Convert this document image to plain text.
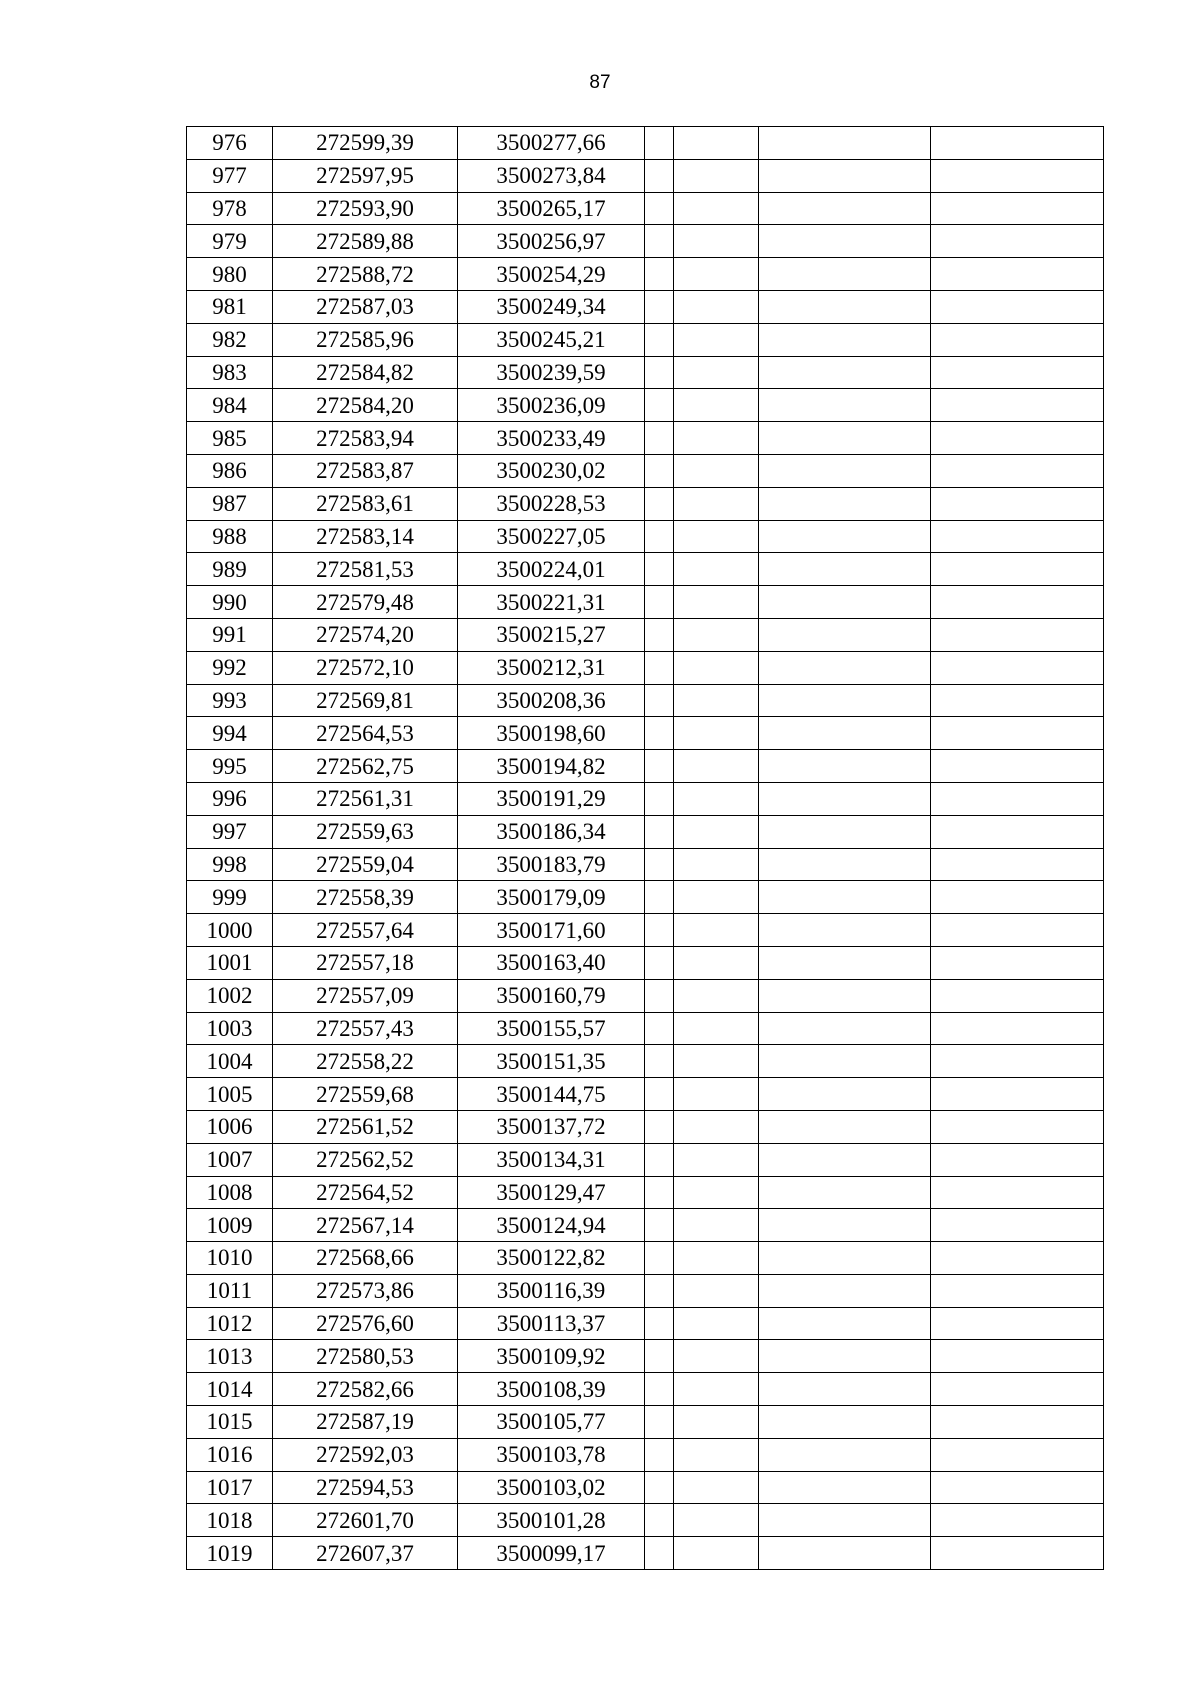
87
976	272599,39	3500277,66				
977	272597,95	3500273,84				
978	272593,90	3500265,17				
979	272589,88	3500256,97				
980	272588,72	3500254,29				
981	272587,03	3500249,34				
982	272585,96	3500245,21				
983	272584,82	3500239,59				
984	272584,20	3500236,09				
985	272583,94	3500233,49				
986	272583,87	3500230,02				
987	272583,61	3500228,53				
988	272583,14	3500227,05				
989	272581,53	3500224,01				
990	272579,48	3500221,31				
991	272574,20	3500215,27				
992	272572,10	3500212,31				
993	272569,81	3500208,36				
994	272564,53	3500198,60				
995	272562,75	3500194,82				
996	272561,31	3500191,29				
997	272559,63	3500186,34				
998	272559,04	3500183,79				
999	272558,39	3500179,09				
1000	272557,64	3500171,60				
1001	272557,18	3500163,40				
1002	272557,09	3500160,79				
1003	272557,43	3500155,57				
1004	272558,22	3500151,35				
1005	272559,68	3500144,75				
1006	272561,52	3500137,72				
1007	272562,52	3500134,31				
1008	272564,52	3500129,47				
1009	272567,14	3500124,94				
1010	272568,66	3500122,82				
1011	272573,86	3500116,39				
1012	272576,60	3500113,37				
1013	272580,53	3500109,92				
1014	272582,66	3500108,39				
1015	272587,19	3500105,77				
1016	272592,03	3500103,78				
1017	272594,53	3500103,02				
1018	272601,70	3500101,28				
1019	272607,37	3500099,17				
